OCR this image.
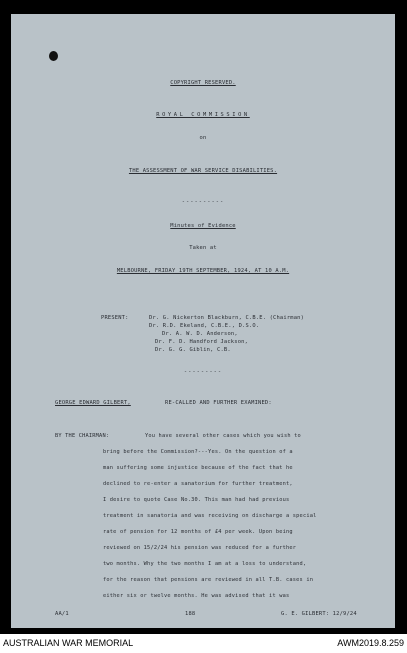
COPYRIGHT RESERVED.
ROYAL COMMISSION
on
THE ASSESSMENT OF WAR SERVICE DISABILITIES.
----------
Minutes of Evidence
Taken at
MELBOURNE, FRIDAY 19TH SEPTEMBER, 1924, AT 10 A.M.
PRESENT:	Dr. G. Nickerton Blackburn, C.B.E. (Chairman)
Dr. R.D. Ekeland, C.B.E., D.S.O.
Dr. A. W. D. Anderson,
Dr. F. D. Handford Jackson,
Dr. G. G. Giblin, C.B.
---------
GEORGE EDWARD GILBERT,	RE-CALLED AND FURTHER EXAMINED:
BY THE CHAIRMAN:	You have several other cases which you wish to
bring before the Commission?---Yes. On the question of a
man suffering some injustice because of the fact that he
declined to re-enter a sanatorium for further treatment,
I desire to quote Case No.30. This man had had previous
treatment in sanatoria and was receiving on discharge a special
rate of pension for 12 months of £4 per week. Upon being
reviewed on 15/2/24 his pension was reduced for a further
two months. Why the two months I am at a loss to understand,
for the reason that pensions are reviewed in all T.B. cases in
either six or twelve months. He was advised that it was
AA/1	188	G. E. GILBERT: 12/9/24
AUSTRALIAN WAR MEMORIAL	AWM2019.8.259
